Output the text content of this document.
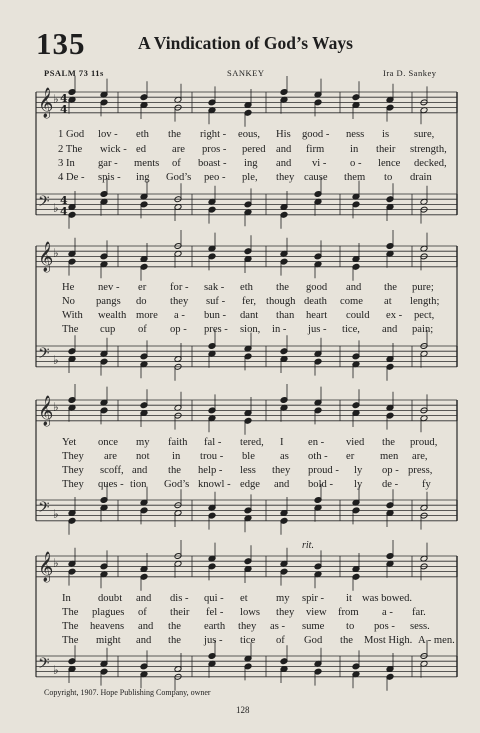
135	A Vindication of God’s Ways
PSALM 73 11s	SANKEY	Ira D. Sankey
𝄞 ♭
𝄢 ♭
𝄞 ♭
𝄢 ♭
𝄞 ♭
𝄢 ♭
𝄞 ♭
𝄢 ♭
4
4
4
4
rit.
1 God lov - eth the right - eous, His good - ness is sure,
2 The wick - ed are pros - pered and firm in their strength,
3 In gar - ments of boast - ing and vi - o - lence decked,
4 De - spis - ing God’s peo - ple, they cause them to drain
He nev - er for - sak - eth the good and the pure;
No pangs do they suf - fer, though death come at length;
With wealth more a - bun - dant than heart could ex - pect,
The cup of op - pres - sion, in - jus - tice, and pain;
Yet once my faith fal - tered, I en - vied the proud,
They are not in trou - ble as oth - er men are,
They scoff, and the help - less they proud - ly op - press,
They ques - tion God’s knowl - edge and bold - ly de - fy
In	doubt and dis - qui - et	my spir - it was bowed.
The plagues of their fel - lows they view from a - far.
The heavens and the earth they as - sume to pos - sess.
The might and the jus - tice of God the Most High. A - men.
Copyright, 1907. Hope Publishing Company, owner
128
